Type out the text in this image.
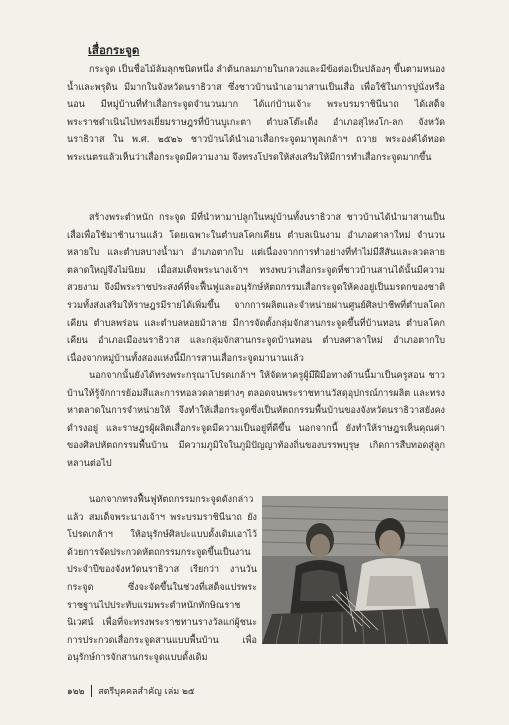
เสื่อกระจูด

กระจูด เป็นชื่อไม้ล้มลุกชนิดหนึ่ง ลำต้นกลมภายในกลวงและมีข้อต่อเป็นปล้องๆ ขึ้นตามหนองน้ำและพรุดิน มีมากในจังหวัดนราธิวาส ซึ่งชาวบ้านนำเอามาสานเป็นเสื่อ เพื่อใช้ในการปูนั่งหรือนอน มีหมู่บ้านที่ทำเสื่อกระจูดจำนวนมาก ได้แก่บ้านเจ้าะ พระบรมราชินีนาถ ได้เสด็จพระราชดำเนินไปทรงเยี่ยมราษฎรที่บ้านบูเกะตา ตำบลโต๊ะเด็ง อำเภอสุไหงโก-ลก จังหวัดนราธิวาส ใน พ.ศ. ๒๕๒๖ ชาวบ้านได้นำเอาเสื่อกระจูดมาทูลเกล้าฯ ถวาย พระองค์ได้ทอดพระเนตรแล้วเห็นว่าเสื่อกระจูดมีความงาม จึงทรงโปรดให้ส่งเสริมให้มีการทำเสื่อกระจูดมากขึ้น

สร้างพระตำหนัก กระจูด มีที่นำหามาปลูกในหมู่บ้านทั้งนราธิวาส ชาวบ้านได้นำมาสานเป็นเสื่อเพื่อใช้มาช้านานแล้ว โดยเฉพาะในตำบลโคกเคียน ตำบลเนินงาม อำเภอศาลาใหม่ จำนวนหลายใบ และตำบลบางน้ำมา อำเภอตากใบ แต่เนื่องจากการทำอย่างที่ทำไม่มีสีสันและลวดลาย ตลาดใหญ่จึงไม่นิยม เมื่อสมเด็จพระนางเจ้าฯ ทรงพบว่าเสื่อกระจูดที่ชาวบ้านสานได้นั้นมีความสวยงาม จึงมีพระราชประสงค์ที่จะฟื้นฟูและอนุรักษ์หัตถกรรมเสื่อกระจูดให้คงอยู่เป็นมรดกของชาติ รวมทั้งส่งเสริมให้ราษฎรมีรายได้เพิ่มขึ้น จากการผลิตและจำหน่ายผ่านศูนย์ศิลปาชีพที่ตำบลโคกเคียน ตำบลพร่อน และตำบลหอยม้าลาย มีการจัดตั้งกลุ่มจักสานกระจูดขึ้นที่บ้านทอน ตำบลโคกเคียน อำเภอเมืองนราธิวาส และกลุ่มจักสานกระจูดบ้านทอน ตำบลศาลาใหม่ อำเภอตากใบ เนื่องจากหมู่บ้านทั้งสองแห่งนี้มีการสานเสื่อกระจูดมานานแล้ว

นอกจากนั้นยังได้ทรงพระกรุณาโปรดเกล้าฯ ให้จัดหาครูผู้มีฝีมือทางด้านนี้มาเป็นครูสอน ชาวบ้านให้รู้จักการย้อมสีและการทอลวดลายต่างๆ ตลอดจนพระราชทานวัสดุอุปกรณ์การผลิต และทรงหาตลาดในการจำหน่ายให้ จึงทำให้เสื่อกระจูดซึ่งเป็นหัตถกรรมพื้นบ้านของจังหวัดนราธิวาสยังคงดำรงอยู่ และราษฎรผู้ผลิตเสื่อกระจูดมีความเป็นอยู่ที่ดีขึ้น นอกจากนี้ ยังทำให้ราษฎรเห็นคุณค่าของศิลปหัตถกรรมพื้นบ้าน มีความภูมิใจในภูมิปัญญาท้องถิ่นของบรรพบุรุษ เกิดการสืบทอดสู่ลูกหลานต่อไป

นอกจากทรงฟื้นฟูหัตถกรรมกระจูดดังกล่าวแล้ว สมเด็จพระนางเจ้าฯ พระบรมราชินีนาถ ยังโปรดเกล้าฯ ให้อนุรักษ์ศิลปะแบบดั้งเดิมเอาไว้ ด้วยการจัดประกวดหัตถกรรมกระจูดขึ้นเป็นงานประจำปีของจังหวัดนราธิวาส เรียกว่า งานวันกระจูด ซึ่งจะจัดขึ้นในช่วงที่เสด็จแปรพระราชฐานไปประทับแรมพระตำหนักทักษิณราชนิเวศน์ เพื่อที่จะทรงพระราชทานรางวัลแก่ผู้ชนะการประกวดเสื่อกระจูดสานแบบพื้นบ้าน เพื่ออนุรักษ์การจักสานกระจูดแบบดั้งเดิม

๑๒๒ สตรีบุคคลสำคัญ เล่ม ๒๕
